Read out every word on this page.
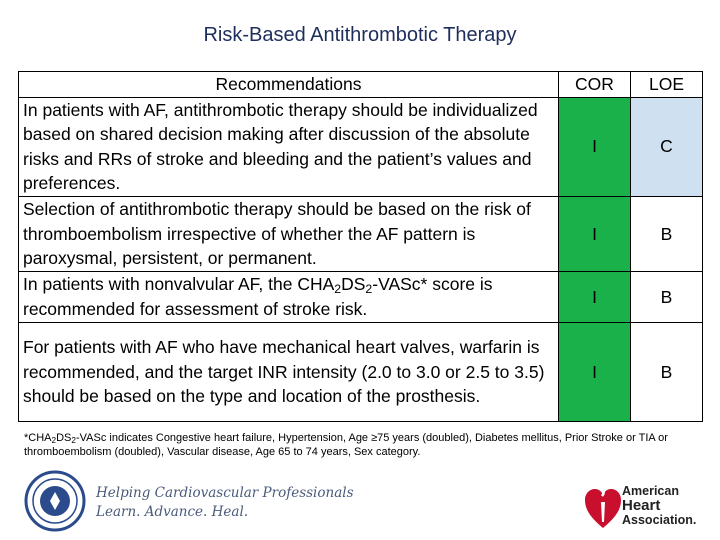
Risk-Based Antithrombotic Therapy
Recommendations	COR	LOE
In patients with AF, antithrombotic therapy should be individualized based on shared decision making after discussion of the absolute risks and RRs of stroke and bleeding and the patient’s values and preferences.	I	C
Selection of antithrombotic therapy should be based on the risk of thromboembolism irrespective of whether the AF pattern is paroxysmal, persistent, or permanent.	I	B
In patients with nonvalvular AF, the $CHA_2DS_2-VASc*$ score is recommended for assessment of stroke risk.	I	B
For patients with AF who have mechanical heart valves, warfarin is recommended, and the target INR intensity (2.0 to 3.0 or 2.5 to 3.5) should be based on the type and location of the prosthesis.	I	B
$*CHA_2DS_2$-VASc indicates Congestive heart failure, Hypertension, Age ≥75 years (doubled), Diabetes mellitus, Prior Stroke or TIA or thromboembolism (doubled), Vascular disease, Age 65 to 74 years, Sex category.
Helping Cardiovascular Professionals
Learn. Advance. Heal.
American
Heart
Association.
